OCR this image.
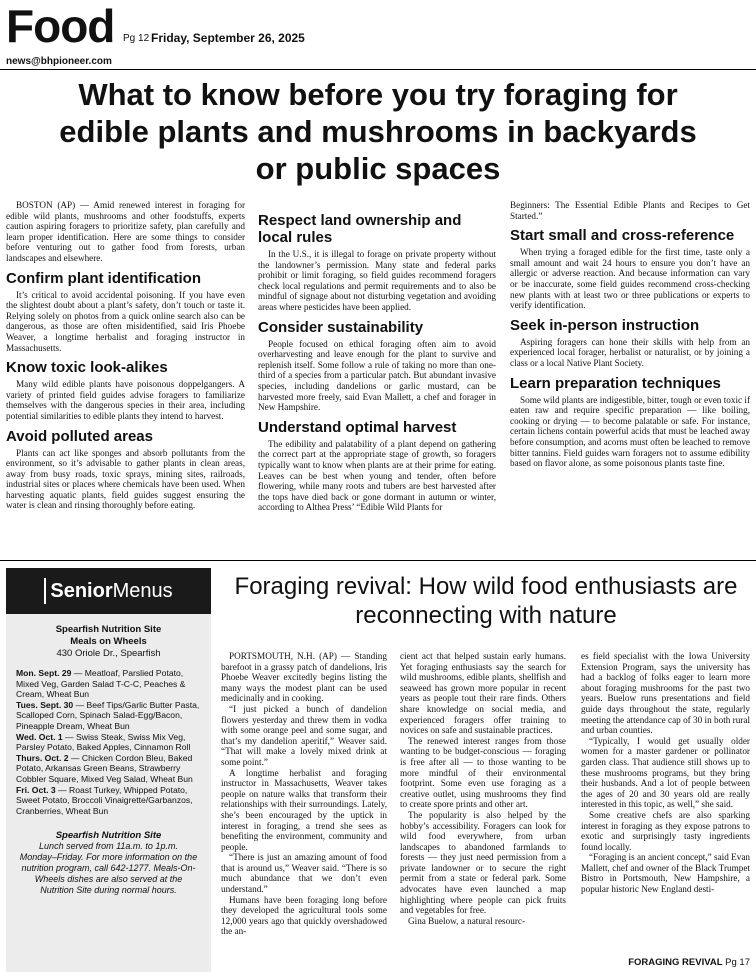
Food Pg 12 Friday, September 26, 2025
news@bhpioneer.com
What to know before you try foraging for edible plants and mushrooms in backyards or public spaces

BOSTON (AP) — Amid renewed interest in foraging for edible wild plants, mushrooms and other foodstuffs, experts caution aspiring foragers to prioritize safety, plan carefully and learn proper identification. Here are some things to consider before venturing out to gather food from forests, urban landscapes and elsewhere.

Confirm plant identification

It’s critical to avoid accidental poisoning. If you have even the slightest doubt about a plant’s safety, don’t touch or taste it. Relying solely on photos from a quick online search also can be dangerous, as those are often misidentified, said Iris Phoebe Weaver, a longtime herbalist and foraging instructor in Massachusetts.

Know toxic look-alikes

Many wild edible plants have poisonous doppelgangers. A variety of printed field guides advise foragers to familiarize themselves with the dangerous species in their area, including potential similarities to edible plants they intend to harvest.

Avoid polluted areas

Plants can act like sponges and absorb pollutants from the environment, so it’s advisable to gather plants in clean areas, away from busy roads, toxic sprays, mining sites, railroads, industrial sites or places where chemicals have been used. When harvesting aquatic plants, field guides suggest ensuring the water is clean and rinsing thoroughly before eating.

Respect land ownership and local rules

In the U.S., it is illegal to forage on private property without the landowner’s permission. Many state and federal parks prohibit or limit foraging, so field guides recommend foragers check local regulations and permit requirements and to also be mindful of signage about not disturbing vegetation and avoiding areas where pesticides have been applied.

Consider sustainability

People focused on ethical foraging often aim to avoid overharvesting and leave enough for the plant to survive and replenish itself. Some follow a rule of taking no more than one-third of a species from a particular patch. But abundant invasive species, including dandelions or garlic mustard, can be harvested more freely, said Evan Mallett, a chef and forager in New Hampshire.

Understand optimal harvest

The edibility and palatability of a plant depend on gathering the correct part at the appropriate stage of growth, so foragers typically want to know when plants are at their prime for eating. Leaves can be best when young and tender, often before flowering, while many roots and tubers are best harvested after the tops have died back or gone dormant in autumn or winter, according to Althea Press’ “Edible Wild Plants for

Beginners: The Essential Edible Plants and Recipes to Get Started.”

Start small and cross-reference

When trying a foraged edible for the first time, taste only a small amount and wait 24 hours to ensure you don’t have an allergic or adverse reaction. And because information can vary or be inaccurate, some field guides recommend cross-checking new plants with at least two or three publications or experts to verify identification.

Seek in-person instruction

Aspiring foragers can hone their skills with help from an experienced local forager, herbalist or naturalist, or by joining a class or a local Native Plant Society.

Learn preparation techniques

Some wild plants are indigestible, bitter, tough or even toxic if eaten raw and require specific preparation — like boiling, cooking or drying — to become palatable or safe. For instance, certain lichens contain powerful acids that must be leached away before consumption, and acorns must often be leached to remove bitter tannins. Field guides warn foragers not to assume edibility based on flavor alone, as some poisonous plants taste fine.

Senior Menus
Spearfish Nutrition Site
Meals on Wheels
430 Oriole Dr., Spearfish
Mon. Sept. 29 — Meatloaf, Parslied Potato, Mixed Veg, Garden Salad T-C-C, Peaches & Cream, Wheat Bun
Tues. Sept. 30 — Beef Tips/Garlic Butter Pasta, Scalloped Corn, Spinach Salad-Egg/Bacon, Pineapple Dream, Wheat Bun
Wed. Oct. 1 — Swiss Steak, Swiss Mix Veg, Parsley Potato, Baked Apples, Cinnamon Roll
Thurs. Oct. 2 — Chicken Cordon Bleu, Baked Potato, Arkansas Green Beans, Strawberry Cobbler Square, Mixed Veg Salad, Wheat Bun
Fri. Oct. 3 — Roast Turkey, Whipped Potato, Sweet Potato, Broccoli Vinaigrette/Garbanzos, Cranberries, Wheat Bun
Spearfish Nutrition Site
Lunch served from 11a.m. to 1p.m.
Monday–Friday. For more information on the nutrition program, call 642-1277. Meals-On-Wheels dishes are also served at the Nutrition Site during normal hours.
Foraging revival: How wild food enthusiasts are reconnecting with nature

PORTSMOUTH, N.H. (AP) — Standing barefoot in a grassy patch of dandelions, Iris Phoebe Weaver excitedly begins listing the many ways the modest plant can be used medicinally and in cooking.

“I just picked a bunch of dandelion flowers yesterday and threw them in vodka with some orange peel and some sugar, and that’s my dandelion aperitif,” Weaver said. “That will make a lovely mixed drink at some point.”

A longtime herbalist and foraging instructor in Massachusetts, Weaver takes people on nature walks that transform their relationships with their surroundings. Lately, she’s been encouraged by the uptick in interest in foraging, a trend she sees as benefiting the environment, community and people.

“There is just an amazing amount of food that is around us,” Weaver said. “There is so much abundance that we don’t even understand.”

Humans have been foraging long before they developed the agricultural tools some 12,000 years ago that quickly overshadowed the an-

cient act that helped sustain early humans. Yet foraging enthusiasts say the search for wild mushrooms, edible plants, shellfish and seaweed has grown more popular in recent years as people tout their rare finds. Others share knowledge on social media, and experienced foragers offer training to novices on safe and sustainable practices.

The renewed interest ranges from those wanting to be budget-conscious — foraging is free after all — to those wanting to be more mindful of their environmental footprint. Some even use foraging as a creative outlet, using mushrooms they find to create spore prints and other art.

The popularity is also helped by the hobby’s accessibility. Foragers can look for wild food everywhere, from urban landscapes to abandoned farmlands to forests — they just need permission from a private landowner or to secure the right permit from a state or federal park. Some advocates have even launched a map highlighting where people can pick fruits and vegetables for free.

Gina Buelow, a natural resourc-

es field specialist with the Iowa University Extension Program, says the university has had a backlog of folks eager to learn more about foraging mushrooms for the past two years. Buelow runs presentations and field guide days throughout the state, regularly meeting the attendance cap of 30 in both rural and urban counties.

“Typically, I would get usually older women for a master gardener or pollinator garden class. That audience still shows up to these mushrooms programs, but they bring their husbands. And a lot of people between the ages of 20 and 30 years old are really interested in this topic, as well,” she said.

Some creative chefs are also sparking interest in foraging as they expose patrons to exotic and surprisingly tasty ingredients found locally.

“Foraging is an ancient concept,” said Evan Mallett, chef and owner of the Black Trumpet Bistro in Portsmouth, New Hampshire, a popular historic New England desti-

FORAGING REVIVAL Pg 17
